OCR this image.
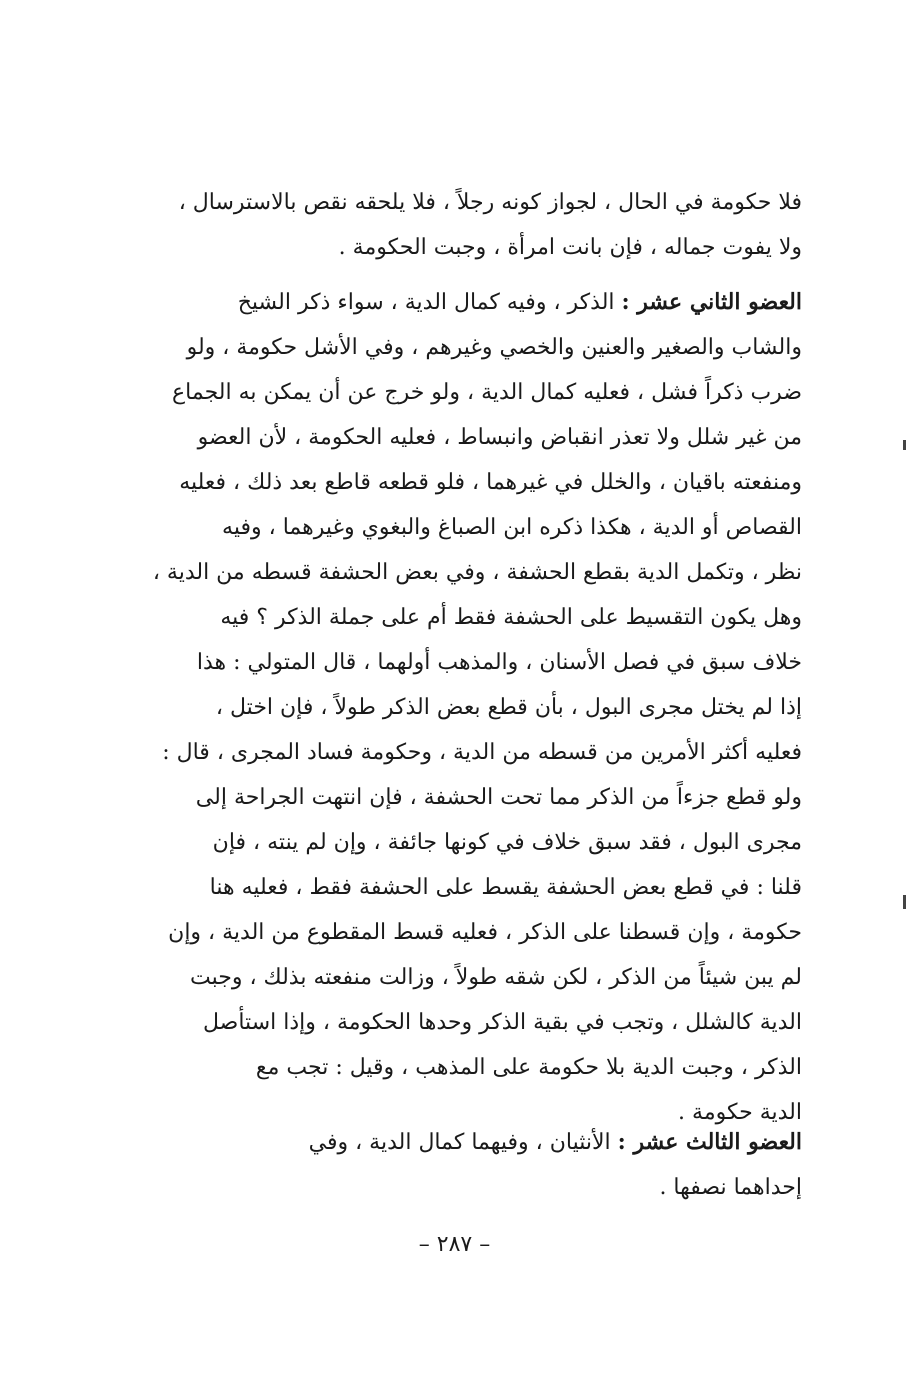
فلا حكومة في الحال ، لجواز كونه رجلاً ، فلا يلحقه نقص بالاسترسال ،
ولا يفوت جماله ، فإن بانت امرأة ، وجبت الحكومة .
العضو الثاني عشر : الذكر ، وفيه كمال الدية ، سواء ذكر الشيخ
والشاب والصغير والعنين والخصي وغيرهم ، وفي الأشل حكومة ، ولو
ضرب ذكراً فشل ، فعليه كمال الدية ، ولو خرج عن أن يمكن به الجماع
من غير شلل ولا تعذر انقباض وانبساط ، فعليه الحكومة ، لأن العضو
ومنفعته باقيان ، والخلل في غيرهما ، فلو قطعه قاطع بعد ذلك ، فعليه
القصاص أو الدية ، هكذا ذكره ابن الصباغ والبغوي وغيرهما ، وفيه
نظر ، وتكمل الدية بقطع الحشفة ، وفي بعض الحشفة قسطه من الدية ،
وهل يكون التقسيط على الحشفة فقط أم على جملة الذكر ؟ فيه
خلاف سبق في فصل الأسنان ، والمذهب أولهما ، قال المتولي : هذا
إذا لم يختل مجرى البول ، بأن قطع بعض الذكر طولاً ، فإن اختل ،
فعليه أكثر الأمرين من قسطه من الدية ، وحكومة فساد المجرى ، قال :
ولو قطع جزءاً من الذكر مما تحت الحشفة ، فإن انتهت الجراحة إلى
مجرى البول ، فقد سبق خلاف في كونها جائفة ، وإن لم ينته ، فإن
قلنا : في قطع بعض الحشفة يقسط على الحشفة فقط ، فعليه هنا
حكومة ، وإن قسطنا على الذكر ، فعليه قسط المقطوع من الدية ، وإن
لم يبن شيئاً من الذكر ، لكن شقه طولاً ، وزالت منفعته بذلك ، وجبت
الدية كالشلل ، وتجب في بقية الذكر وحدها الحكومة ، وإذا استأصل
الذكر ، وجبت الدية بلا حكومة على المذهب ، وقيل : تجب مع
الدية حكومة .
العضو الثالث عشر : الأنثيان ، وفيهما كمال الدية ، وفي
إحداهما نصفها .
– ٢٨٧ –
